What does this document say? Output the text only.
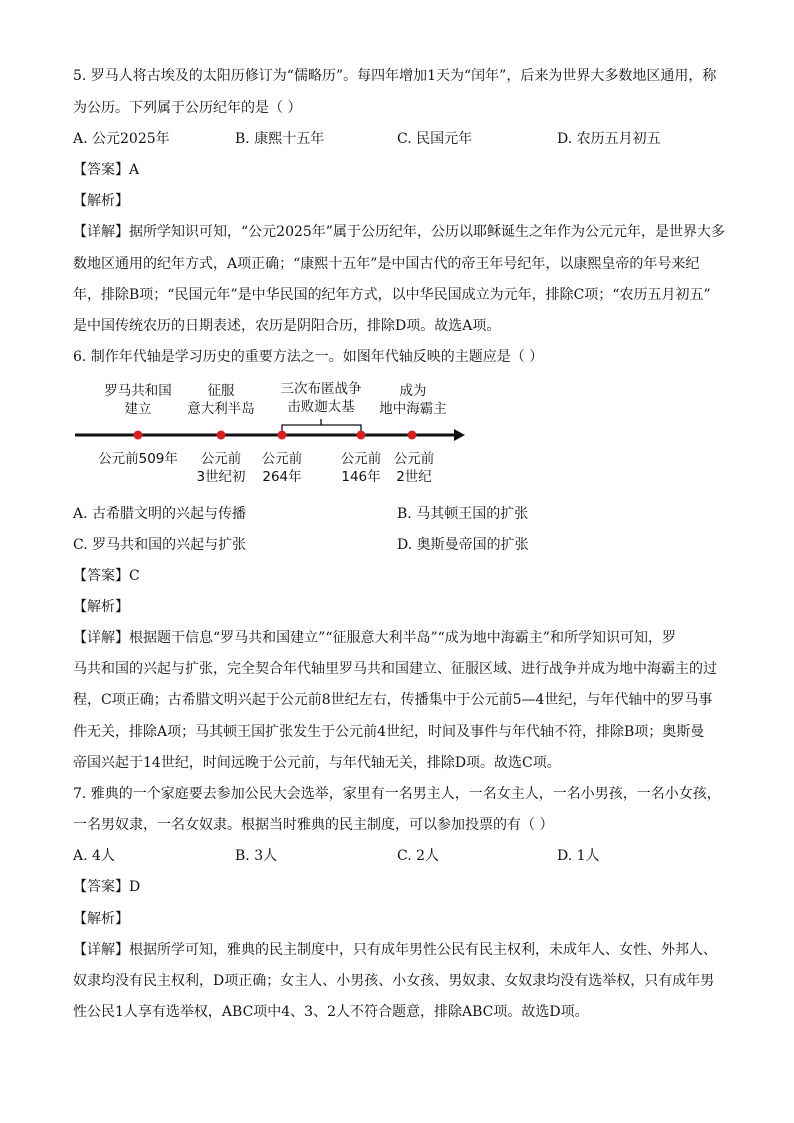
5. 罗马人将古埃及的太阳历修订为“儒略历”。每四年增加1天为“闰年”，后来为世界大多数地区通用，称
为公历。下列属于公历纪年的是（ ）
A. 公元2025年	B. 康熙十五年	C. 民国元年	D. 农历五月初五
【答案】A
【解析】
【详解】据所学知识可知，“公元2025年”属于公历纪年，公历以耶稣诞生之年作为公元元年，是世界大多
数地区通用的纪年方式，A项正确；“康熙十五年”是中国古代的帝王年号纪年，以康熙皇帝的年号来纪
年，排除B项；“民国元年”是中华民国的纪年方式，以中华民国成立为元年，排除C项；“农历五月初五”
是中国传统农历的日期表述，农历是阴阳合历，排除D项。故选A项。
6. 制作年代轴是学习历史的重要方法之一。如图年代轴反映的主题应是（ ）
罗马共和国
建立
征服
意大利半岛
三次布匿战争
击败迦太基
成为
地中海霸主
公元前509年	公元前
3世纪初
公元前
264年
公元前
146年
公元前
2世纪
A. 古希腊文明的兴起与传播	B. 马其顿王国的扩张
C. 罗马共和国的兴起与扩张	D. 奥斯曼帝国的扩张
【答案】C
【解析】
【详解】根据题干信息“罗马共和国建立”“征服意大利半岛”“成为地中海霸主”和所学知识可知，罗
马共和国的兴起与扩张，完全契合年代轴里罗马共和国建立、征服区域、进行战争并成为地中海霸主的过
程，C项正确；古希腊文明兴起于公元前8世纪左右，传播集中于公元前5—4世纪，与年代轴中的罗马事
件无关，排除A项；马其顿王国扩张发生于公元前4世纪，时间及事件与年代轴不符，排除B项；奥斯曼
帝国兴起于14世纪，时间远晚于公元前，与年代轴无关，排除D项。故选C项。
7. 雅典的一个家庭要去参加公民大会选举，家里有一名男主人，一名女主人，一名小男孩，一名小女孩，
一名男奴隶，一名女奴隶。根据当时雅典的民主制度，可以参加投票的有（ ）
A. 4人	B. 3人	C. 2人	D. 1人
【答案】D
【解析】
【详解】根据所学可知，雅典的民主制度中，只有成年男性公民有民主权利，未成年人、女性、外邦人、
奴隶均没有民主权利，D项正确；女主人、小男孩、小女孩、男奴隶、女奴隶均没有选举权，只有成年男
性公民1人享有选举权，ABC项中4、3、2人不符合题意，排除ABC项。故选D项。
